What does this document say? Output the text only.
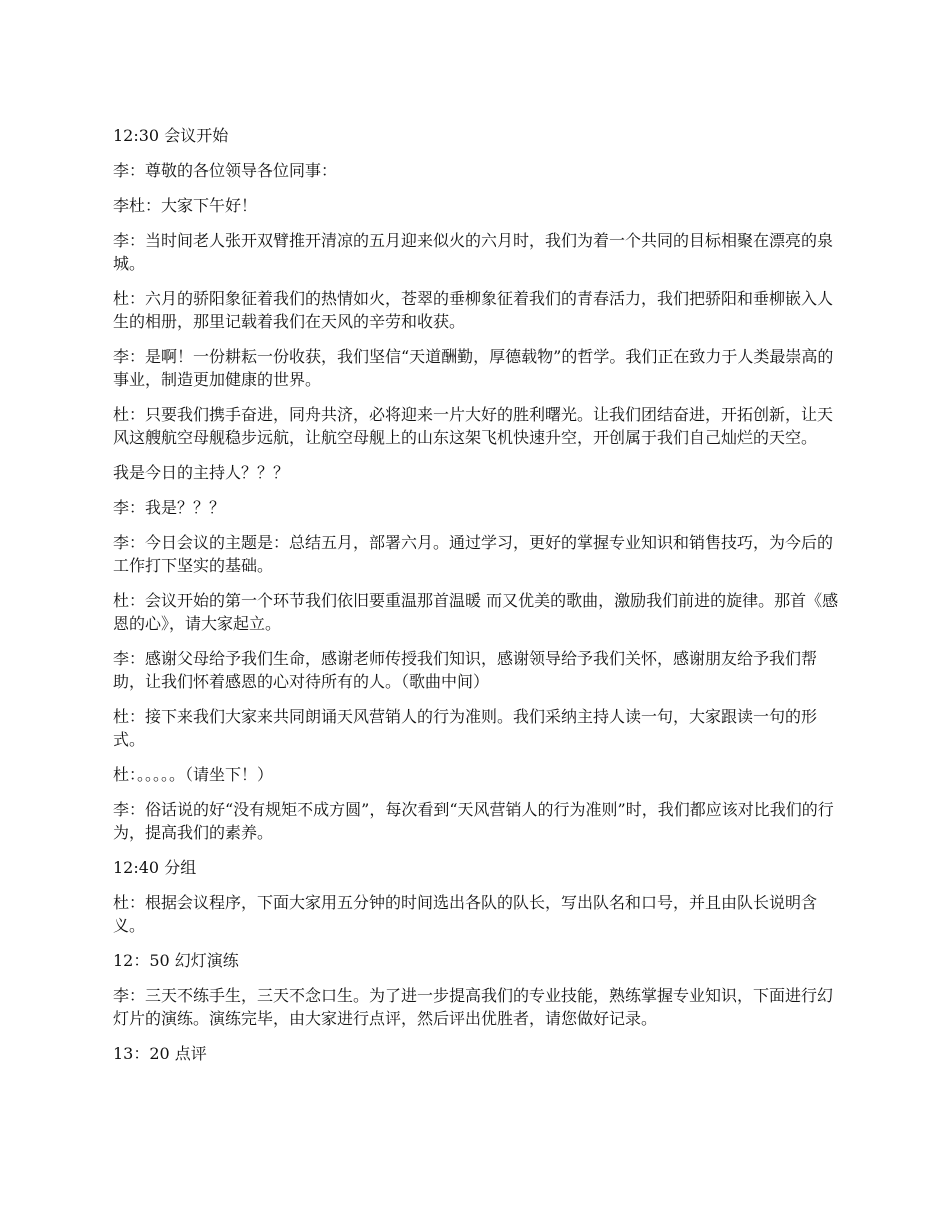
12:30 会议开始

李：尊敬的各位领导各位同事：

李杜：大家下午好！

李：当时间老人张开双臂推开清凉的五月迎来似火的六月时，我们为着一个共同的目标相聚在漂亮的泉城。

杜：六月的骄阳象征着我们的热情如火，苍翠的垂柳象征着我们的青春活力，我们把骄阳和垂柳嵌入人生的相册，那里记载着我们在天风的辛劳和收获。

李：是啊！一份耕耘一份收获，我们坚信“天道酬勤，厚德载物”的哲学。我们正在致力于人类最崇高的事业，制造更加健康的世界。

杜：只要我们携手奋进，同舟共济，必将迎来一片大好的胜利曙光。让我们团结奋进，开拓创新，让天风这艘航空母舰稳步远航，让航空母舰上的山东这架飞机快速升空，开创属于我们自己灿烂的天空。

我是今日的主持人？？？

李：我是？？？

李：今日会议的主题是：总结五月，部署六月。通过学习，更好的掌握专业知识和销售技巧，为今后的工作打下坚实的基础。

杜：会议开始的第一个环节我们依旧要重温那首温暖 而又优美的歌曲，激励我们前进的旋律。那首《感恩的心》，请大家起立。

李：感谢父母给予我们生命，感谢老师传授我们知识，感谢领导给予我们关怀，感谢朋友给予我们帮助，让我们怀着感恩的心对待所有的人。（歌曲中间）

杜：接下来我们大家来共同朗诵天风营销人的行为准则。我们采纳主持人读一句，大家跟读一句的形式。

杜：。。。。。（请坐下！）

李：俗话说的好“没有规矩不成方圆”，每次看到“天风营销人的行为准则”时，我们都应该对比我们的行为，提高我们的素养。

12:40 分组

杜：根据会议程序，下面大家用五分钟的时间选出各队的队长，写出队名和口号，并且由队长说明含义。

12：50 幻灯演练

李：三天不练手生，三天不念口生。为了进一步提高我们的专业技能，熟练掌握专业知识，下面进行幻灯片的演练。演练完毕，由大家进行点评，然后评出优胜者，请您做好记录。

13：20 点评
